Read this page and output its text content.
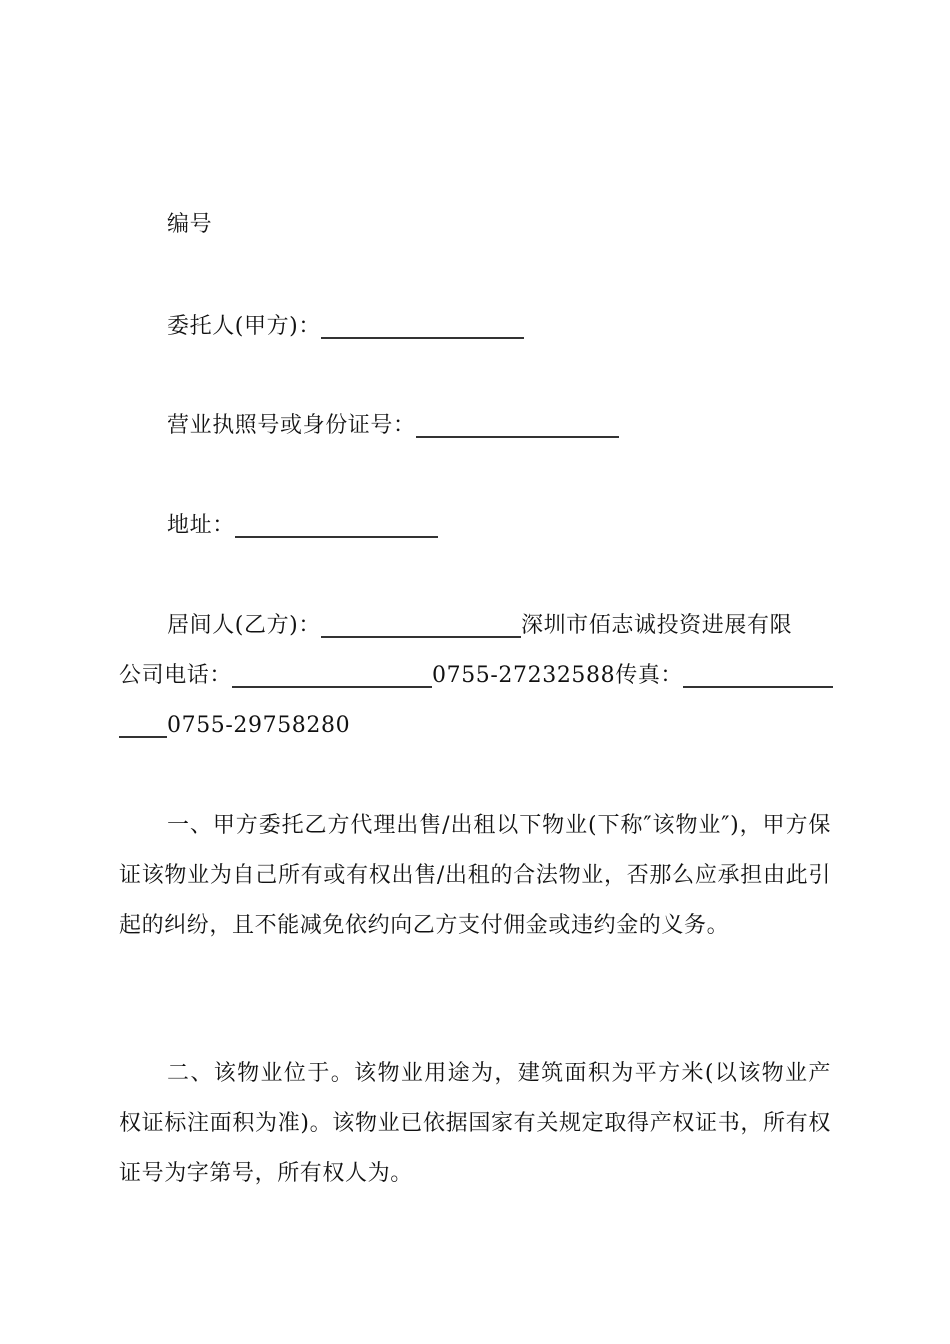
编号

委托人(甲方)：

营业执照号或身份证号：

地址：

居间人(乙方)：	深圳市佰志诚投资进展有限
公司电话：	0755-27232588传真：
0755-29758280

一、甲方委托乙方代理出售/出租以下物业(下称″该物业″)，甲方保证该物业为自己所有或有权出售/出租的合法物业，否那么应承担由此引起的纠纷，且不能减免依约向乙方支付佣金或违约金的义务。

二、该物业位于。该物业用途为，建筑面积为平方米(以该物业产权证标注面积为准)。该物业已依据国家有关规定取得产权证书，所有权证号为字第号，所有权人为。
